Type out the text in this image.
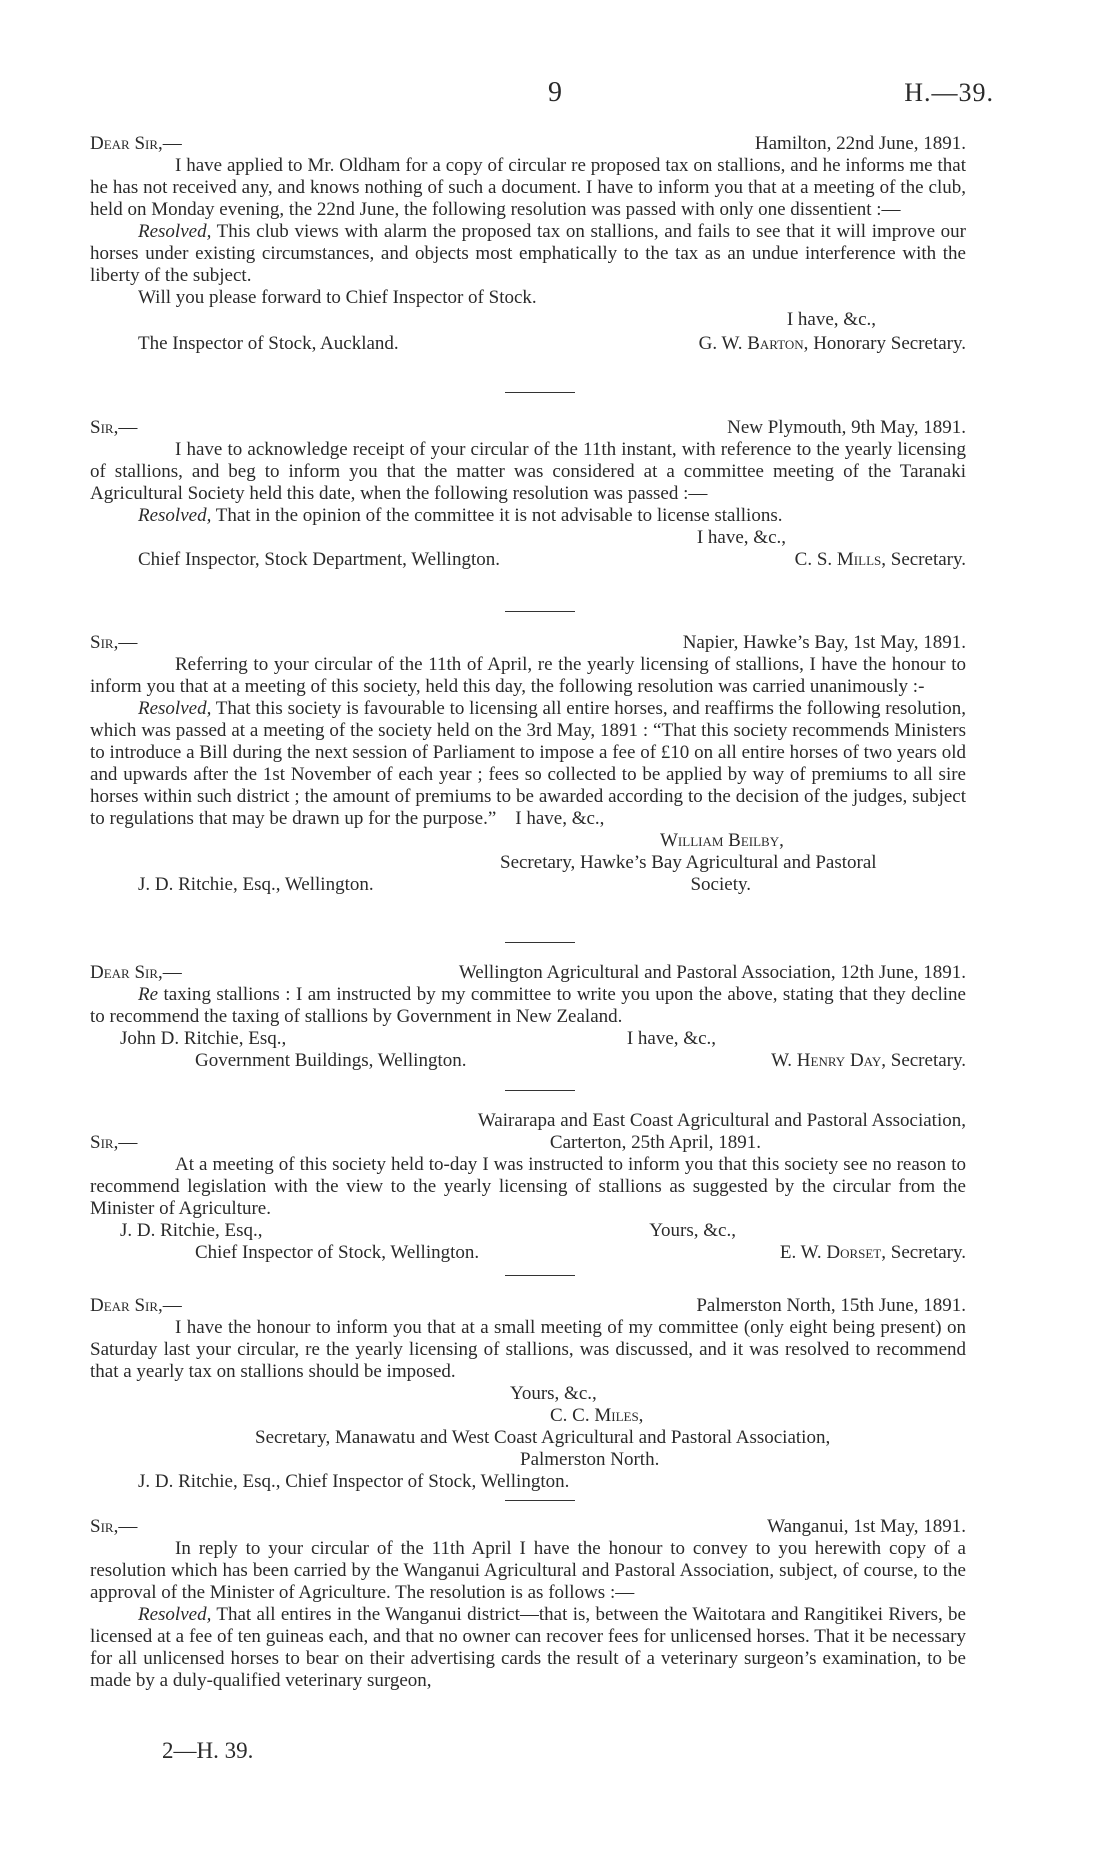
9	H.—39.
Dear Sir,—	Hamilton, 22nd June, 1891.

I have applied to Mr. Oldham for a copy of circular re proposed tax on stallions, and he informs me that he has not received any, and knows nothing of such a document. I have to inform you that at a meeting of the club, held on Monday evening, the 22nd June, the following resolution was passed with only one dissentient :—

Resolved, This club views with alarm the proposed tax on stallions, and fails to see that it will improve our horses under existing circumstances, and objects most emphatically to the tax as an undue interference with the liberty of the subject.

Will you please forward to Chief Inspector of Stock.
I have, &c.,
The Inspector of Stock, Auckland.	G. W. Barton, Honorary Secretary.
Sir,—	New Plymouth, 9th May, 1891.

I have to acknowledge receipt of your circular of the 11th instant, with reference to the yearly licensing of stallions, and beg to inform you that the matter was considered at a committee meeting of the Taranaki Agricultural Society held this date, when the following resolution was passed :—

Resolved, That in the opinion of the committee it is not advisable to license stallions.

I have, &c.,
Chief Inspector, Stock Department, Wellington.	C. S. Mills, Secretary.
Sir,—	Napier, Hawke’s Bay, 1st May, 1891.

Referring to your circular of the 11th of April, re the yearly licensing of stallions, I have the honour to inform you that at a meeting of this society, held this day, the following resolution was carried unanimously :-

Resolved, That this society is favourable to licensing all entire horses, and reaffirms the following resolution, which was passed at a meeting of the society held on the 3rd May, 1891 : “That this society recommends Ministers to introduce a Bill during the next session of Parliament to impose a fee of £10 on all entire horses of two years old and upwards after the 1st November of each year ; fees so collected to be applied by way of premiums to all sire horses within such district ; the amount of premiums to be awarded according to the decision of the judges, subject to regulations that may be drawn up for the purpose.” I have, &c.,

William Beilby,
Secretary, Hawke’s Bay Agricultural and Pastoral
J. D. Ritchie, Esq., Wellington.	Society.
Dear Sir,—	Wellington Agricultural and Pastoral Association, 12th June, 1891.

Re taxing stallions : I am instructed by my committee to write you upon the above, stating that they decline to recommend the taxing of stallions by Government in New Zealand.

John D. Ritchie, Esq.,	I have, &c.,
Government Buildings, Wellington.	W. Henry Day, Secretary.
Wairarapa and East Coast Agricultural and Pastoral Association,
Sir,—	Carterton, 25th April, 1891.

At a meeting of this society held to-day I was instructed to inform you that this society see no reason to recommend legislation with the view to the yearly licensing of stallions as suggested by the circular from the Minister of Agriculture.

J. D. Ritchie, Esq.,	Yours, &c.,
Chief Inspector of Stock, Wellington.	E. W. Dorset, Secretary.
Dear Sir,—	Palmerston North, 15th June, 1891.

I have the honour to inform you that at a small meeting of my committee (only eight being present) on Saturday last your circular, re the yearly licensing of stallions, was discussed, and it was resolved to recommend that a yearly tax on stallions should be imposed.

Yours, &c.,
C. C. Miles,
Secretary, Manawatu and West Coast Agricultural and Pastoral Association,
Palmerston North.
J. D. Ritchie, Esq., Chief Inspector of Stock, Wellington.
Sir,—	Wanganui, 1st May, 1891.

In reply to your circular of the 11th April I have the honour to convey to you herewith copy of a resolution which has been carried by the Wanganui Agricultural and Pastoral Association, subject, of course, to the approval of the Minister of Agriculture. The resolution is as follows :—

Resolved, That all entires in the Wanganui district—that is, between the Waitotara and Rangitikei Rivers, be licensed at a fee of ten guineas each, and that no owner can recover fees for unlicensed horses. That it be necessary for all unlicensed horses to bear on their advertising cards the result of a veterinary surgeon’s examination, to be made by a duly-qualified veterinary surgeon,

2—H. 39.
